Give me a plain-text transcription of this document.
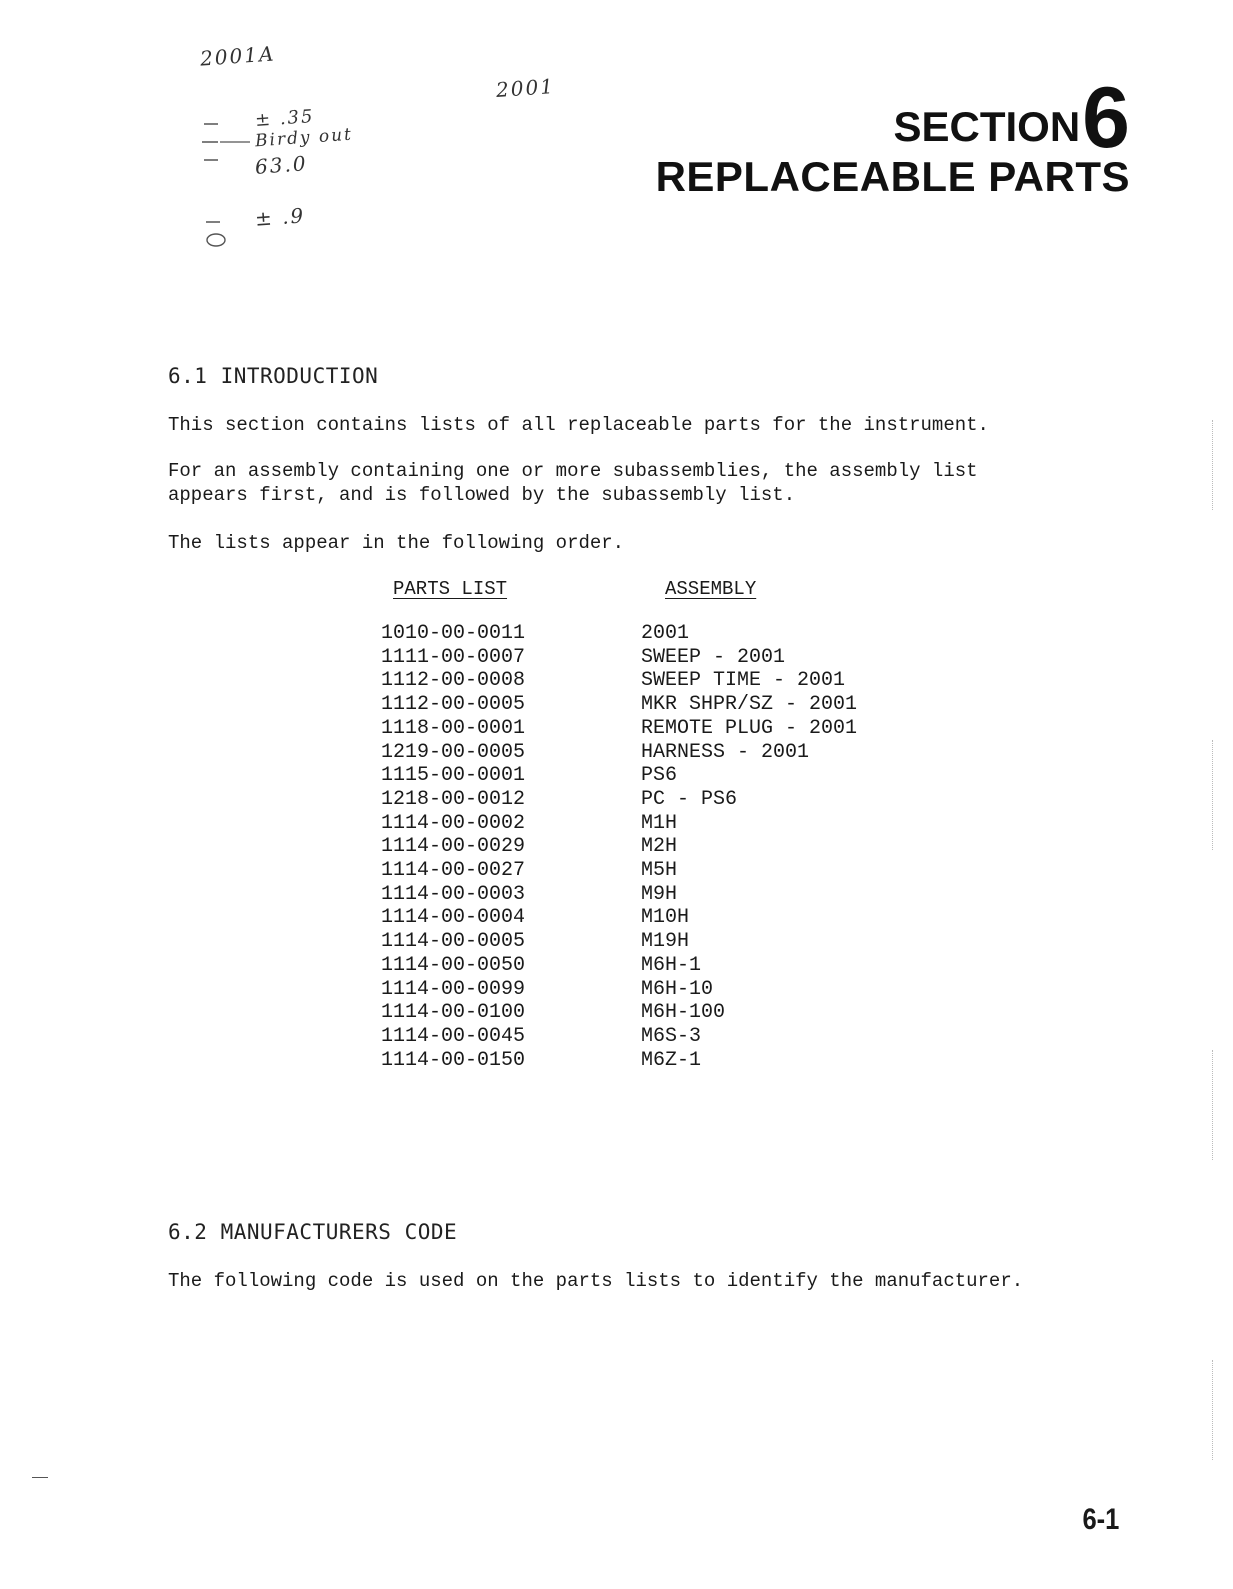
2001A
2001
± .35
Birdy out
63.0
± .9
SECTION6
REPLACEABLE PARTS
6.1 INTRODUCTION
This section contains lists of all replaceable parts for the instrument.
For an assembly containing one or more subassemblies, the assembly list
appears first, and is followed by the subassembly list.
The lists appear in the following order.
PARTS LIST	ASSEMBLY
1010-00-0011	2001
1111-00-0007	SWEEP - 2001
1112-00-0008	SWEEP TIME - 2001
1112-00-0005	MKR SHPR/SZ - 2001
1118-00-0001	REMOTE PLUG - 2001
1219-00-0005	HARNESS - 2001
1115-00-0001	PS6
1218-00-0012	PC - PS6
1114-00-0002	M1H
1114-00-0029	M2H
1114-00-0027	M5H
1114-00-0003	M9H
1114-00-0004	M10H
1114-00-0005	M19H
1114-00-0050	M6H-1
1114-00-0099	M6H-10
1114-00-0100	M6H-100
1114-00-0045	M6S-3
1114-00-0150	M6Z-1
6.2 MANUFACTURERS CODE
The following code is used on the parts lists to identify the manufacturer.
6-1
